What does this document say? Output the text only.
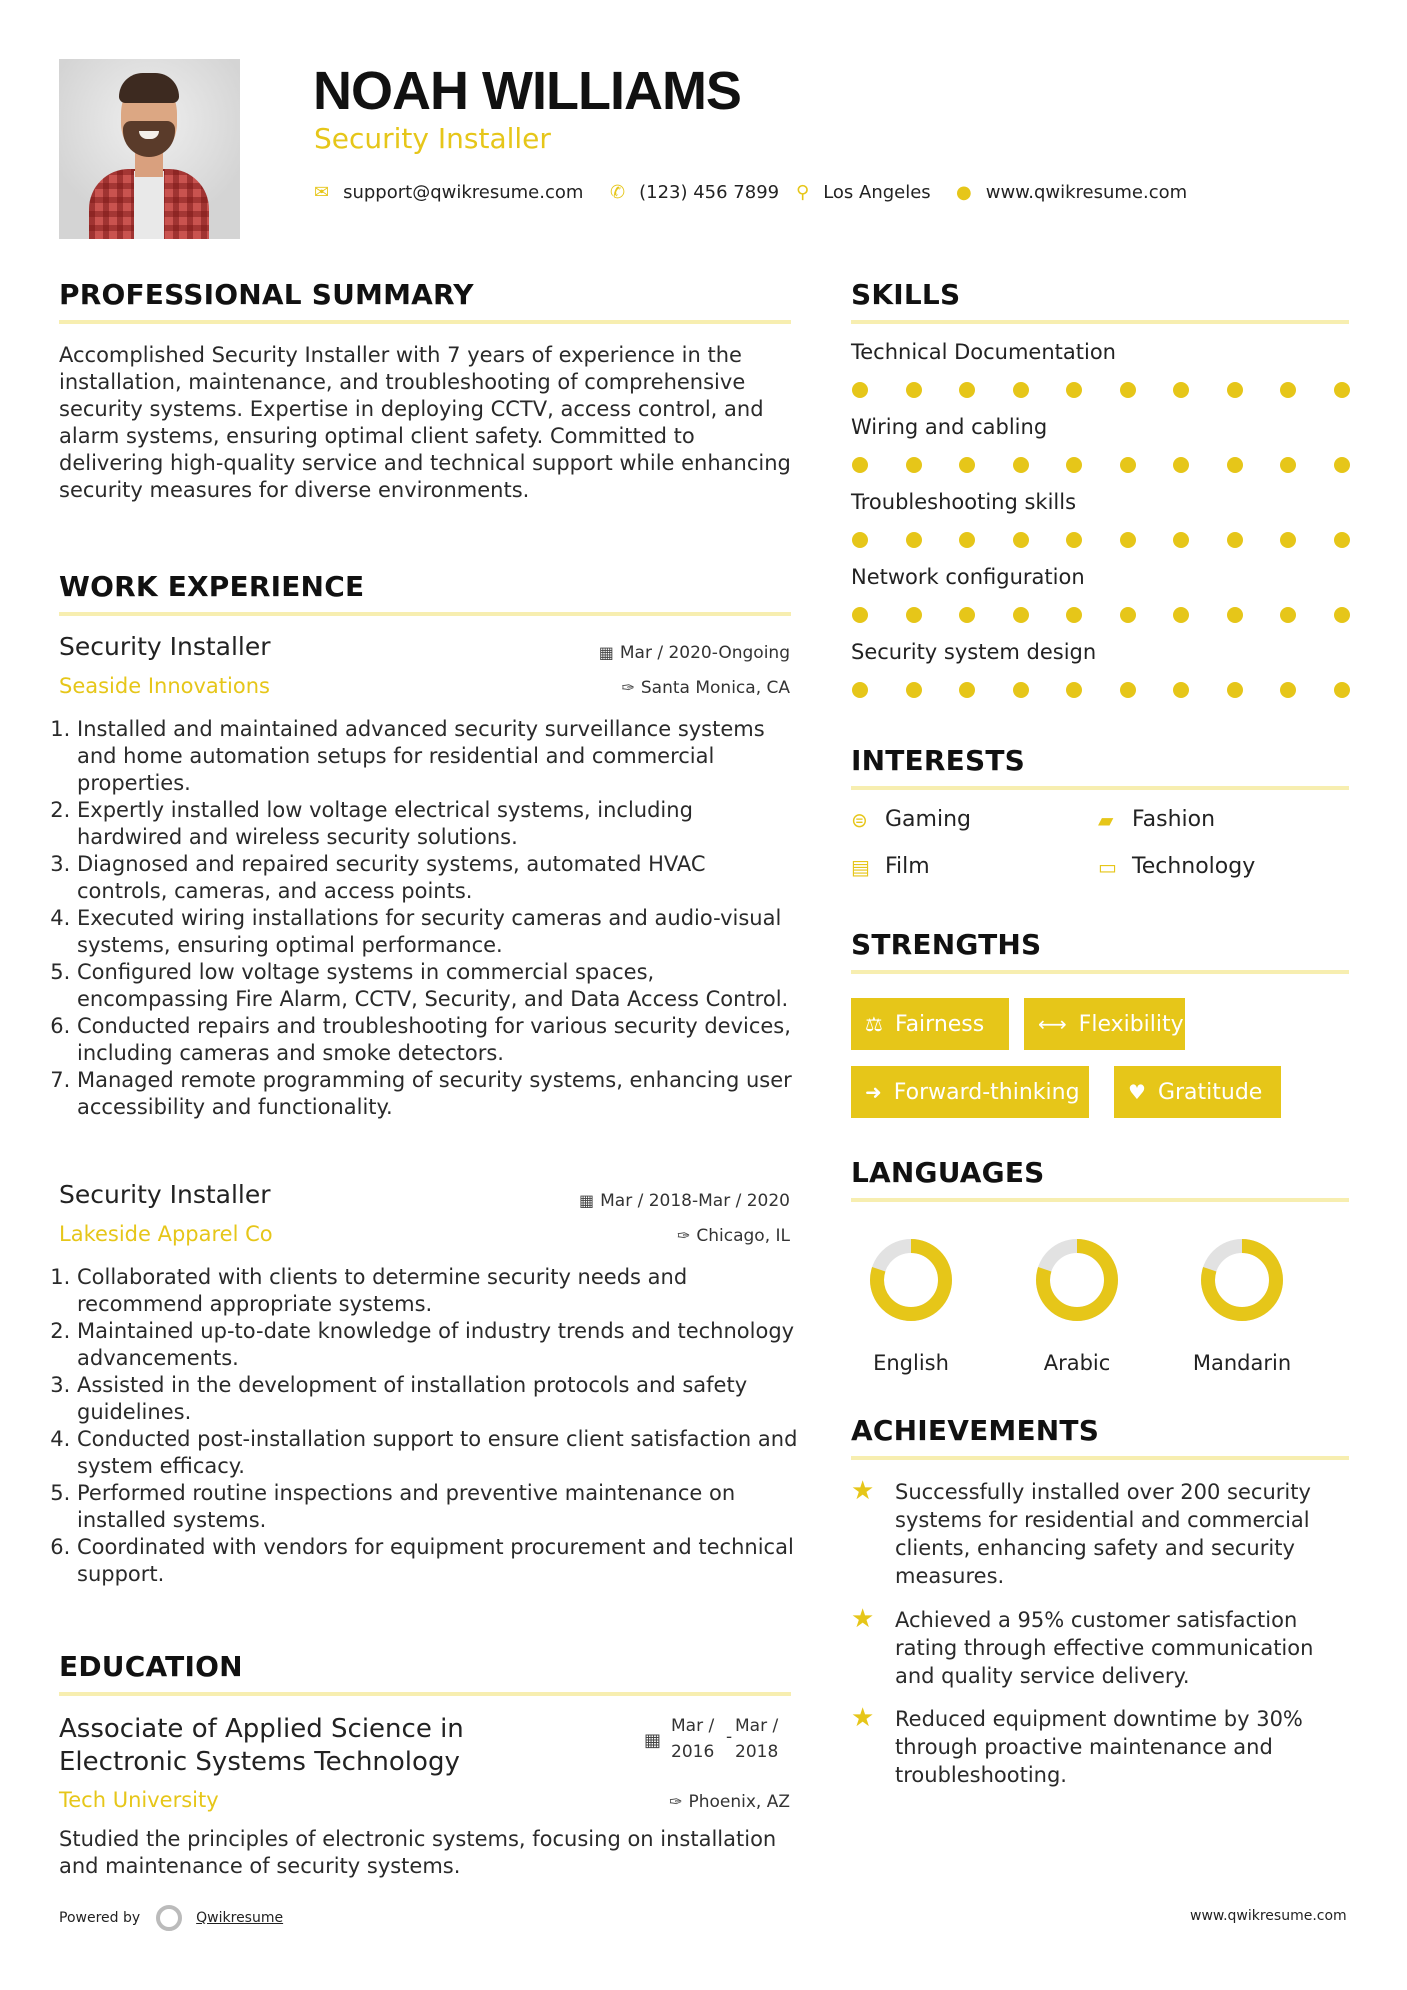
NOAH WILLIAMS
Security Installer
✉ support@qwikresume.com ✆ (123) 456 7899 ⚲ Los Angeles ● www.qwikresume.com
PROFESSIONAL SUMMARY
Accomplished Security Installer with 7 years of experience in the installation, maintenance, and troubleshooting of comprehensive security systems. Expertise in deploying CCTV, access control, and alarm systems, ensuring optimal client safety. Committed to delivering high-quality service and technical support while enhancing security measures for diverse environments.
WORK EXPERIENCE
Security Installer	▦ Mar / 2020-Ongoing
Seaside Innovations	✑ Santa Monica, CA
1. Installed and maintained advanced security surveillance systems and home automation setups for residential and commercial properties.
2. Expertly installed low voltage electrical systems, including hardwired and wireless security solutions.
3. Diagnosed and repaired security systems, automated HVAC controls, cameras, and access points.
4. Executed wiring installations for security cameras and audio-visual systems, ensuring optimal performance.
5. Configured low voltage systems in commercial spaces, encompassing Fire Alarm, CCTV, Security, and Data Access Control.
6. Conducted repairs and troubleshooting for various security devices, including cameras and smoke detectors.
7. Managed remote programming of security systems, enhancing user accessibility and functionality.
Security Installer	▦ Mar / 2018-Mar / 2020
Lakeside Apparel Co	✑ Chicago, IL
1. Collaborated with clients to determine security needs and recommend appropriate systems.
2. Maintained up-to-date knowledge of industry trends and technology advancements.
3. Assisted in the development of installation protocols and safety guidelines.
4. Conducted post-installation support to ensure client satisfaction and system efficacy.
5. Performed routine inspections and preventive maintenance on installed systems.
6. Coordinated with vendors for equipment procurement and technical support.
EDUCATION
Associate of Applied Science in
Electronic Systems Technology
▦
Mar /
2016
-
Mar /
2018
Tech University	✑ Phoenix, AZ
Studied the principles of electronic systems, focusing on installation and maintenance of security systems.
SKILLS
Technical Documentation
Wiring and cabling
Troubleshooting skills
Network configuration
Security system design
INTERESTS
⊜ Gaming	▰ Fashion
▤ Film	▭ Technology
STRENGTHS
⚖ Fairness	⟷ Flexibility
➜ Forward-thinking ♥ Gratitude
LANGUAGES
English	Arabic	Mandarin
ACHIEVEMENTS
★ Successfully installed over 200 security systems for residential and commercial clients, enhancing safety and security measures.
★ Achieved a 95% customer satisfaction rating through effective communication and quality service delivery.
★ Reduced equipment downtime by 30% through proactive maintenance and troubleshooting.
Powered by	Qwikresume	www.qwikresume.com
